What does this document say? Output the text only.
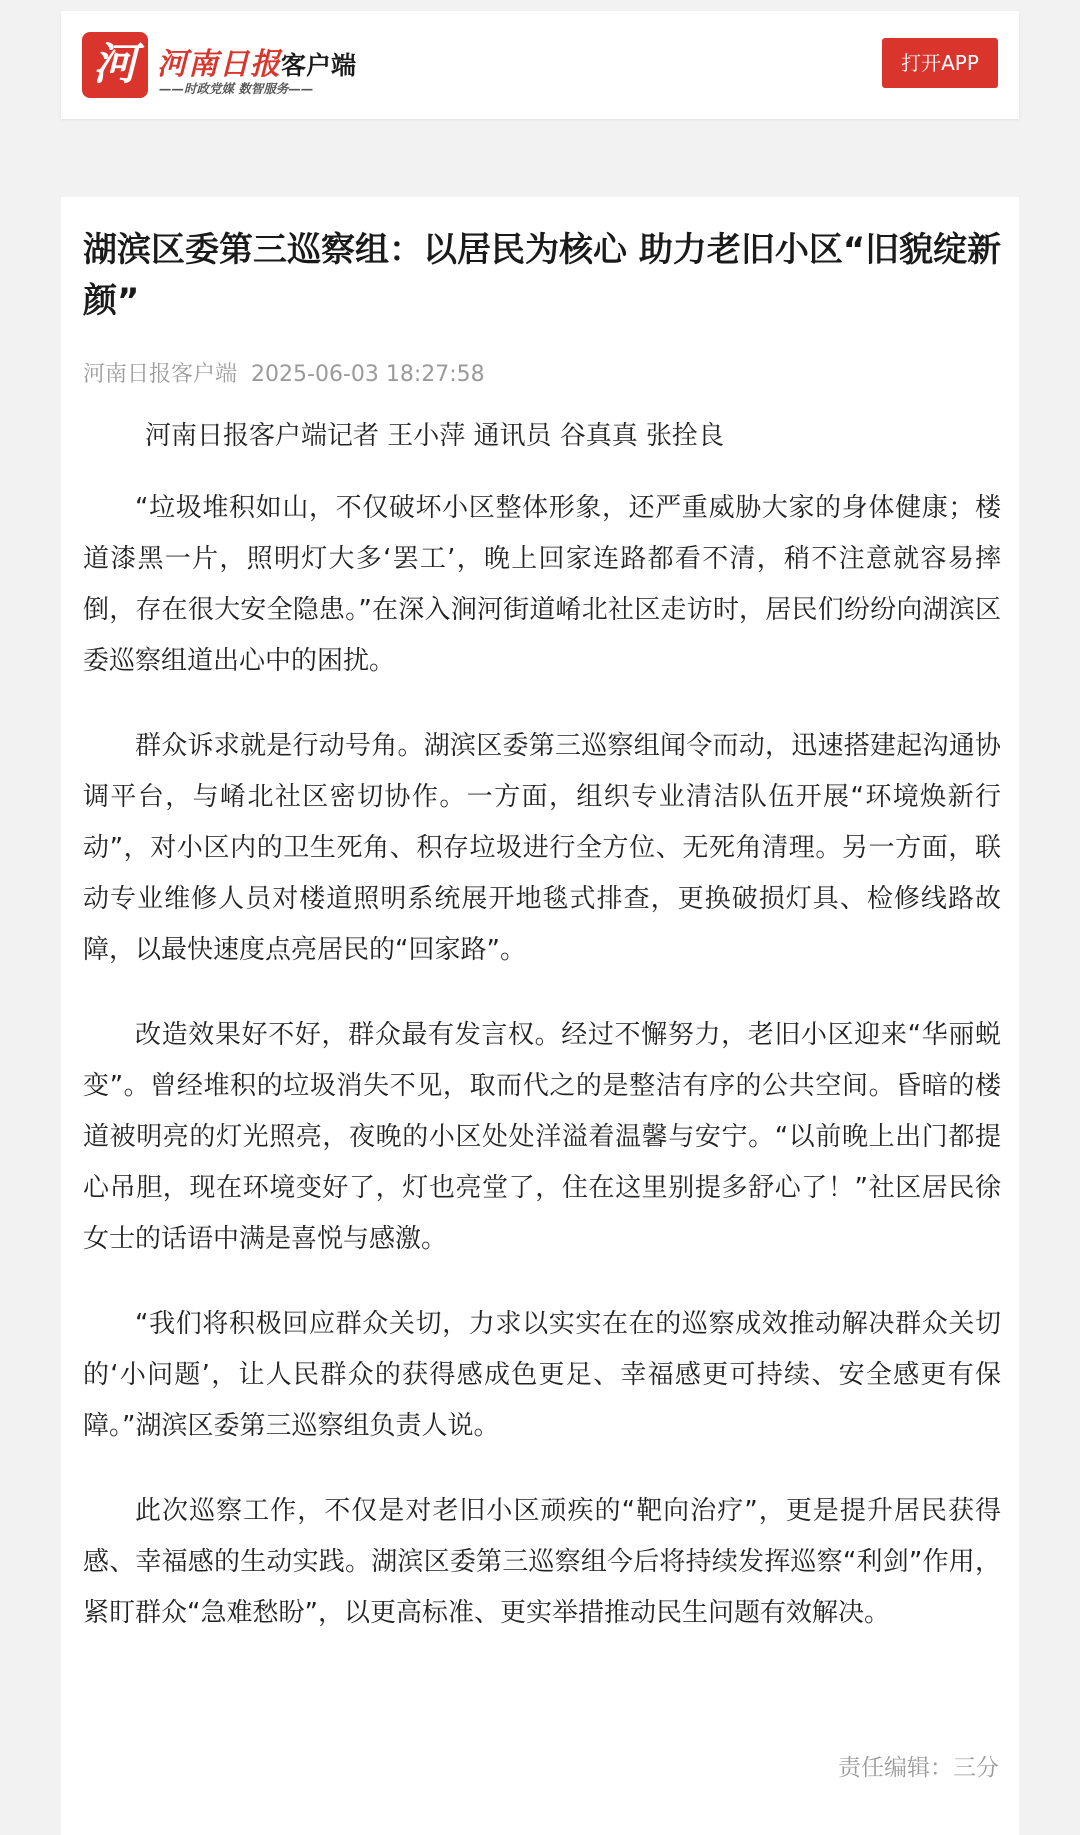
河 河南日报客户端
——时政党媒 数智服务——
打开APP
湖滨区委第三巡察组：以居民为核心 助力老旧小区“旧貌绽新颜”
河南日报客户端 2025-06-03 18:27:58
河南日报客户端记者 王小萍 通讯员 谷真真 张拴良

“垃圾堆积如山，不仅破坏小区整体形象，还严重威胁大家的身体健康；楼道漆黑一片，照明灯大多‘罢工’，晚上回家连路都看不清，稍不注意就容易摔倒，存在很大安全隐患。”在深入涧河街道崤北社区走访时，居民们纷纷向湖滨区委巡察组道出心中的困扰。

群众诉求就是行动号角。湖滨区委第三巡察组闻令而动，迅速搭建起沟通协调平台，与崤北社区密切协作。一方面，组织专业清洁队伍开展“环境焕新行动”，对小区内的卫生死角、积存垃圾进行全方位、无死角清理。另一方面，联动专业维修人员对楼道照明系统展开地毯式排查，更换破损灯具、检修线路故障，以最快速度点亮居民的“回家路”。

改造效果好不好，群众最有发言权。经过不懈努力，老旧小区迎来“华丽蜕变”。曾经堆积的垃圾消失不见，取而代之的是整洁有序的公共空间。昏暗的楼道被明亮的灯光照亮，夜晚的小区处处洋溢着温馨与安宁。“以前晚上出门都提心吊胆，现在环境变好了，灯也亮堂了，住在这里别提多舒心了！”社区居民徐女士的话语中满是喜悦与感激。

“我们将积极回应群众关切，力求以实实在在的巡察成效推动解决群众关切的‘小问题’，让人民群众的获得感成色更足、幸福感更可持续、安全感更有保障。”湖滨区委第三巡察组负责人说。

此次巡察工作，不仅是对老旧小区顽疾的“靶向治疗”，更是提升居民获得感、幸福感的生动实践。湖滨区委第三巡察组今后将持续发挥巡察“利剑”作用，紧盯群众“急难愁盼”，以更高标准、更实举措推动民生问题有效解决。

责任编辑：三分
